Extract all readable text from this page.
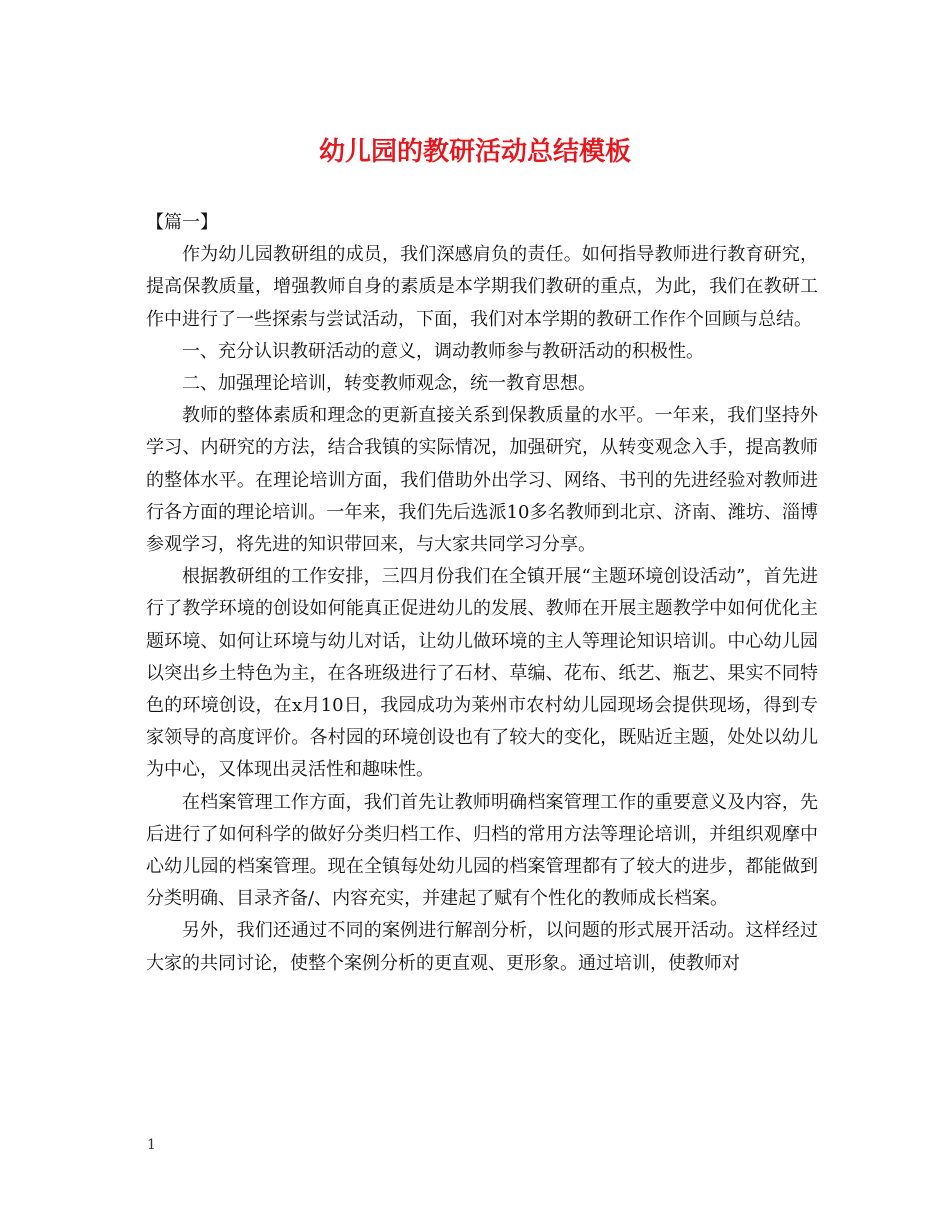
幼儿园的教研活动总结模板

【篇一】

作为幼儿园教研组的成员，我们深感肩负的责任。如何指导教师进行教育研究，提高保教质量，增强教师自身的素质是本学期我们教研的重点，为此，我们在教研工作中进行了一些探索与尝试活动，下面，我们对本学期的教研工作作个回顾与总结。

一、充分认识教研活动的意义，调动教师参与教研活动的积极性。

二、加强理论培训，转变教师观念，统一教育思想。

教师的整体素质和理念的更新直接关系到保教质量的水平。一年来，我们坚持外学习、内研究的方法，结合我镇的实际情况，加强研究，从转变观念入手，提高教师的整体水平。在理论培训方面，我们借助外出学习、网络、书刊的先进经验对教师进行各方面的理论培训。一年来，我们先后选派10多名教师到北京、济南、潍坊、淄博参观学习，将先进的知识带回来，与大家共同学习分享。

根据教研组的工作安排，三四月份我们在全镇开展“主题环境创设活动”，首先进行了教学环境的创设如何能真正促进幼儿的发展、教师在开展主题教学中如何优化主题环境、如何让环境与幼儿对话，让幼儿做环境的主人等理论知识培训。中心幼儿园以突出乡土特色为主，在各班级进行了石材、草编、花布、纸艺、瓶艺、果实不同特色的环境创设，在x月10日，我园成功为莱州市农村幼儿园现场会提供现场，得到专家领导的高度评价。各村园的环境创设也有了较大的变化，既贴近主题，处处以幼儿为中心，又体现出灵活性和趣味性。

在档案管理工作方面，我们首先让教师明确档案管理工作的重要意义及内容，先后进行了如何科学的做好分类归档工作、归档的常用方法等理论培训，并组织观摩中心幼儿园的档案管理。现在全镇每处幼儿园的档案管理都有了较大的进步，都能做到分类明确、目录齐备/、内容充实，并建起了赋有个性化的教师成长档案。

另外，我们还通过不同的案例进行解剖分析，以问题的形式展开活动。这样经过大家的共同讨论，使整个案例分析的更直观、更形象。通过培训，使教师对

1
